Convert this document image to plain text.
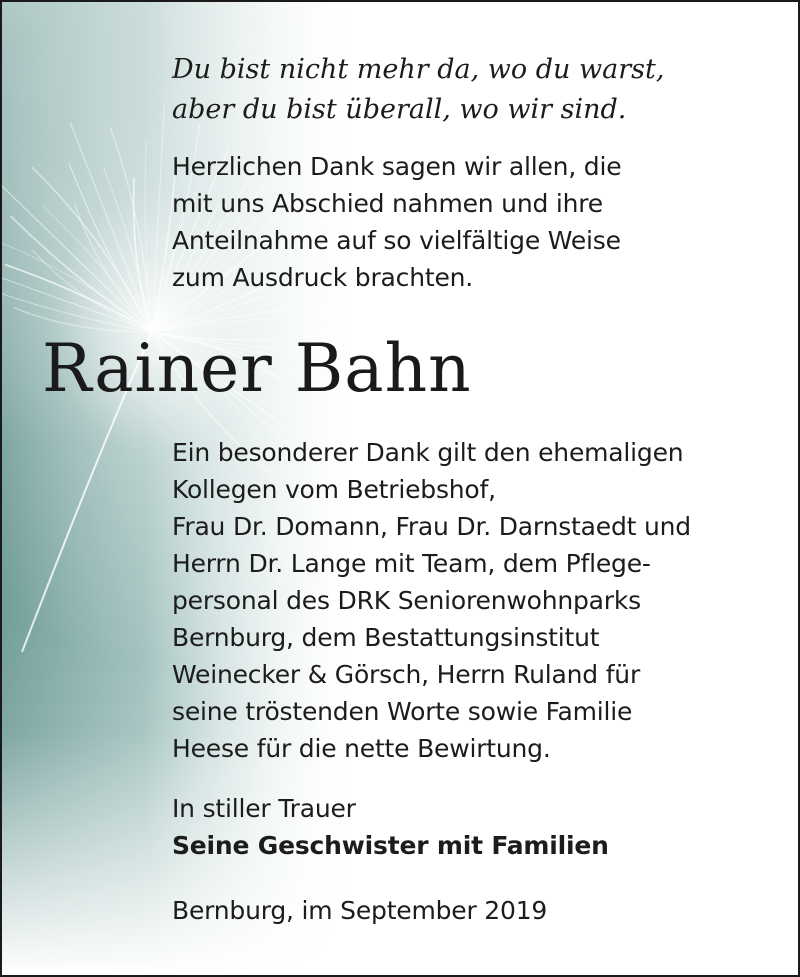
Du bist nicht mehr da, wo du warst,
aber du bist überall, wo wir sind.
Herzlichen Dank sagen wir allen, die
mit uns Abschied nahmen und ihre
Anteilnahme auf so vielfältige Weise
zum Ausdruck brachten.
Rainer Bahn
Ein besonderer Dank gilt den ehemaligen
Kollegen vom Betriebshof,
Frau Dr. Domann, Frau Dr. Darnstaedt und
Herrn Dr. Lange mit Team, dem Pflege-
personal des DRK Seniorenwohnparks
Bernburg, dem Bestattungsinstitut
Weinecker & Görsch, Herrn Ruland für
seine tröstenden Worte sowie Familie
Heese für die nette Bewirtung.
In stiller Trauer
Seine Geschwister mit Familien
Bernburg, im September 2019
